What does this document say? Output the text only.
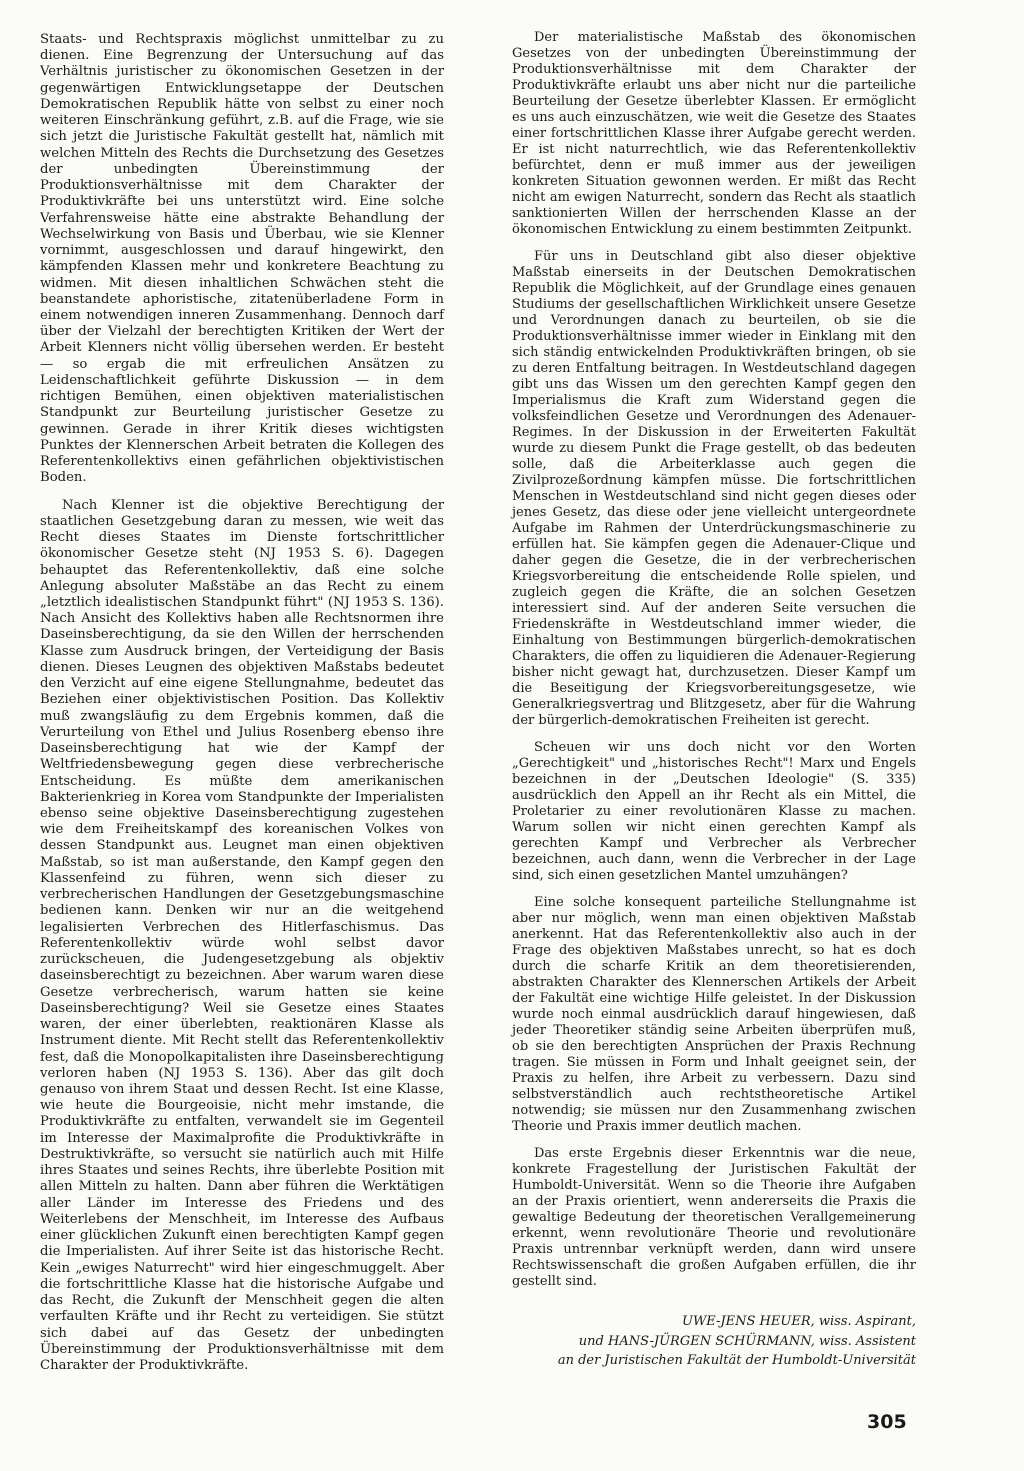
Staats- und Rechtspraxis möglichst unmittelbar zu zu dienen. Eine Begrenzung der Untersuchung auf das Verhältnis juristischer zu ökonomischen Gesetzen in der gegenwärtigen Entwicklungsetappe der Deutschen Demokratischen Republik hätte von selbst zu einer noch weiteren Einschränkung geführt, z.B. auf die Frage, wie sie sich jetzt die Juristische Fakultät gestellt hat, nämlich mit welchen Mitteln des Rechts die Durchsetzung des Gesetzes der unbedingten Übereinstimmung der Produktionsverhältnisse mit dem Charakter der Produktivkräfte bei uns unterstützt wird. Eine solche Verfahrensweise hätte eine abstrakte Behandlung der Wechselwirkung von Basis und Überbau, wie sie Klenner vornimmt, ausgeschlossen und darauf hingewirkt, den kämpfenden Klassen mehr und konkretere Beachtung zu widmen. Mit diesen inhaltlichen Schwächen steht die beanstandete aphoristische, zitatenüberladene Form in einem notwendigen inneren Zusammenhang. Dennoch darf über der Vielzahl der berechtigten Kritiken der Wert der Arbeit Klenners nicht völlig übersehen werden. Er besteht — so ergab die mit erfreulichen Ansätzen zu Leidenschaftlichkeit geführte Diskussion — in dem richtigen Bemühen, einen objektiven materialistischen Standpunkt zur Beurteilung juristischer Gesetze zu gewinnen. Gerade in ihrer Kritik dieses wichtigsten Punktes der Klennerschen Arbeit betraten die Kollegen des Referentenkollektivs einen gefährlichen objektivistischen Boden.

Nach Klenner ist die objektive Berechtigung der staatlichen Gesetzgebung daran zu messen, wie weit das Recht dieses Staates im Dienste fortschrittlicher ökonomischer Gesetze steht (NJ 1953 S. 6). Dagegen behauptet das Referentenkollektiv, daß eine solche Anlegung absoluter Maßstäbe an das Recht zu einem „letztlich idealistischen Standpunkt führt" (NJ 1953 S. 136). Nach Ansicht des Kollektivs haben alle Rechtsnormen ihre Daseinsberechtigung, da sie den Willen der herrschenden Klasse zum Ausdruck bringen, der Verteidigung der Basis dienen. Dieses Leugnen des objektiven Maßstabs bedeutet den Verzicht auf eine eigene Stellungnahme, bedeutet das Beziehen einer objektivistischen Position. Das Kollektiv muß zwangsläufig zu dem Ergebnis kommen, daß die Verurteilung von Ethel und Julius Rosenberg ebenso ihre Daseinsberechtigung hat wie der Kampf der Weltfriedensbewegung gegen diese verbrecherische Entscheidung. Es müßte dem amerikanischen Bakterienkrieg in Korea vom Standpunkte der Imperialisten ebenso seine objektive Daseinsberechtigung zugestehen wie dem Freiheitskampf des koreanischen Volkes von dessen Standpunkt aus. Leugnet man einen objektiven Maßstab, so ist man außerstande, den Kampf gegen den Klassenfeind zu führen, wenn sich dieser zu verbrecherischen Handlungen der Gesetzgebungsmaschine bedienen kann. Denken wir nur an die weitgehend legalisierten Verbrechen des Hitlerfaschismus. Das Referentenkollektiv würde wohl selbst davor zurückscheuen, die Judengesetzgebung als objektiv daseinsberechtigt zu bezeichnen. Aber warum waren diese Gesetze verbrecherisch, warum hatten sie keine Daseinsberechtigung? Weil sie Gesetze eines Staates waren, der einer überlebten, reaktionären Klasse als Instrument diente. Mit Recht stellt das Referentenkollektiv fest, daß die Monopolkapitalisten ihre Daseinsberechtigung verloren haben (NJ 1953 S. 136). Aber das gilt doch genauso von ihrem Staat und dessen Recht. Ist eine Klasse, wie heute die Bourgeoisie, nicht mehr imstande, die Produktivkräfte zu entfalten, verwandelt sie im Gegenteil im Interesse der Maximalprofite die Produktivkräfte in Destruktivkräfte, so versucht sie natürlich auch mit Hilfe ihres Staates und seines Rechts, ihre überlebte Position mit allen Mitteln zu halten. Dann aber führen die Werktätigen aller Länder im Interesse des Friedens und des Weiterlebens der Menschheit, im Interesse des Aufbaus einer glücklichen Zukunft einen berechtigten Kampf gegen die Imperialisten. Auf ihrer Seite ist das historische Recht. Kein „ewiges Naturrecht" wird hier eingeschmuggelt. Aber die fortschrittliche Klasse hat die historische Aufgabe und das Recht, die Zukunft der Menschheit gegen die alten verfaulten Kräfte und ihr Recht zu verteidigen. Sie stützt sich dabei auf das Gesetz der unbedingten Übereinstimmung der Produktionsverhältnisse mit dem Charakter der Produktivkräfte.

Der materialistische Maßstab des ökonomischen Gesetzes von der unbedingten Übereinstimmung der Produktionsverhältnisse mit dem Charakter der Produktivkräfte erlaubt uns aber nicht nur die parteiliche Beurteilung der Gesetze überlebter Klassen. Er ermöglicht es uns auch einzuschätzen, wie weit die Gesetze des Staates einer fortschrittlichen Klasse ihrer Aufgabe gerecht werden. Er ist nicht naturrechtlich, wie das Referentenkollektiv befürchtet, denn er muß immer aus der jeweiligen konkreten Situation gewonnen werden. Er mißt das Recht nicht am ewigen Naturrecht, sondern das Recht als staatlich sanktionierten Willen der herrschenden Klasse an der ökonomischen Entwicklung zu einem bestimmten Zeitpunkt.

Für uns in Deutschland gibt also dieser objektive Maßstab einerseits in der Deutschen Demokratischen Republik die Möglichkeit, auf der Grundlage eines genauen Studiums der gesellschaftlichen Wirklichkeit unsere Gesetze und Verordnungen danach zu beurteilen, ob sie die Produktionsverhältnisse immer wieder in Einklang mit den sich ständig entwickelnden Produktivkräften bringen, ob sie zu deren Entfaltung beitragen. In Westdeutschland dagegen gibt uns das Wissen um den gerechten Kampf gegen den Imperialismus die Kraft zum Widerstand gegen die volksfeindlichen Gesetze und Verordnungen des Adenauer-Regimes. In der Diskussion in der Erweiterten Fakultät wurde zu diesem Punkt die Frage gestellt, ob das bedeuten solle, daß die Arbeiterklasse auch gegen die Zivilprozeßordnung kämpfen müsse. Die fortschrittlichen Menschen in Westdeutschland sind nicht gegen dieses oder jenes Gesetz, das diese oder jene vielleicht untergeordnete Aufgabe im Rahmen der Unterdrückungsmaschinerie zu erfüllen hat. Sie kämpfen gegen die Adenauer-Clique und daher gegen die Gesetze, die in der verbrecherischen Kriegsvorbereitung die entscheidende Rolle spielen, und zugleich gegen die Kräfte, die an solchen Gesetzen interessiert sind. Auf der anderen Seite versuchen die Friedenskräfte in Westdeutschland immer wieder, die Einhaltung von Bestimmungen bürgerlich-demokratischen Charakters, die offen zu liquidieren die Adenauer-Regierung bisher nicht gewagt hat, durchzusetzen. Dieser Kampf um die Beseitigung der Kriegsvorbereitungsgesetze, wie Generalkriegsvertrag und Blitzgesetz, aber für die Wahrung der bürgerlich-demokratischen Freiheiten ist gerecht.

Scheuen wir uns doch nicht vor den Worten „Gerechtigkeit" und „historisches Recht"! Marx und Engels bezeichnen in der „Deutschen Ideologie" (S. 335) ausdrücklich den Appell an ihr Recht als ein Mittel, die Proletarier zu einer revolutionären Klasse zu machen. Warum sollen wir nicht einen gerechten Kampf als gerechten Kampf und Verbrecher als Verbrecher bezeichnen, auch dann, wenn die Verbrecher in der Lage sind, sich einen gesetzlichen Mantel umzuhängen?

Eine solche konsequent parteiliche Stellungnahme ist aber nur möglich, wenn man einen objektiven Maßstab anerkennt. Hat das Referentenkollektiv also auch in der Frage des objektiven Maßstabes unrecht, so hat es doch durch die scharfe Kritik an dem theoretisierenden, abstrakten Charakter des Klennerschen Artikels der Arbeit der Fakultät eine wichtige Hilfe geleistet. In der Diskussion wurde noch einmal ausdrücklich darauf hingewiesen, daß jeder Theoretiker ständig seine Arbeiten überprüfen muß, ob sie den berechtigten Ansprüchen der Praxis Rechnung tragen. Sie müssen in Form und Inhalt geeignet sein, der Praxis zu helfen, ihre Arbeit zu verbessern. Dazu sind selbstverständlich auch rechtstheoretische Artikel notwendig; sie müssen nur den Zusammenhang zwischen Theorie und Praxis immer deutlich machen.

Das erste Ergebnis dieser Erkenntnis war die neue, konkrete Fragestellung der Juristischen Fakultät der Humboldt-Universität. Wenn so die Theorie ihre Aufgaben an der Praxis orientiert, wenn andererseits die Praxis die gewaltige Bedeutung der theoretischen Verallgemeinerung erkennt, wenn revolutionäre Theorie und revolutionäre Praxis untrennbar verknüpft werden, dann wird unsere Rechtswissenschaft die großen Aufgaben erfüllen, die ihr gestellt sind.

UWE-JENS HEUER, wiss. Aspirant,
und HANS-JÜRGEN SCHÜRMANN, wiss. Assistent
an der Juristischen Fakultät der Humboldt-Universität
305
